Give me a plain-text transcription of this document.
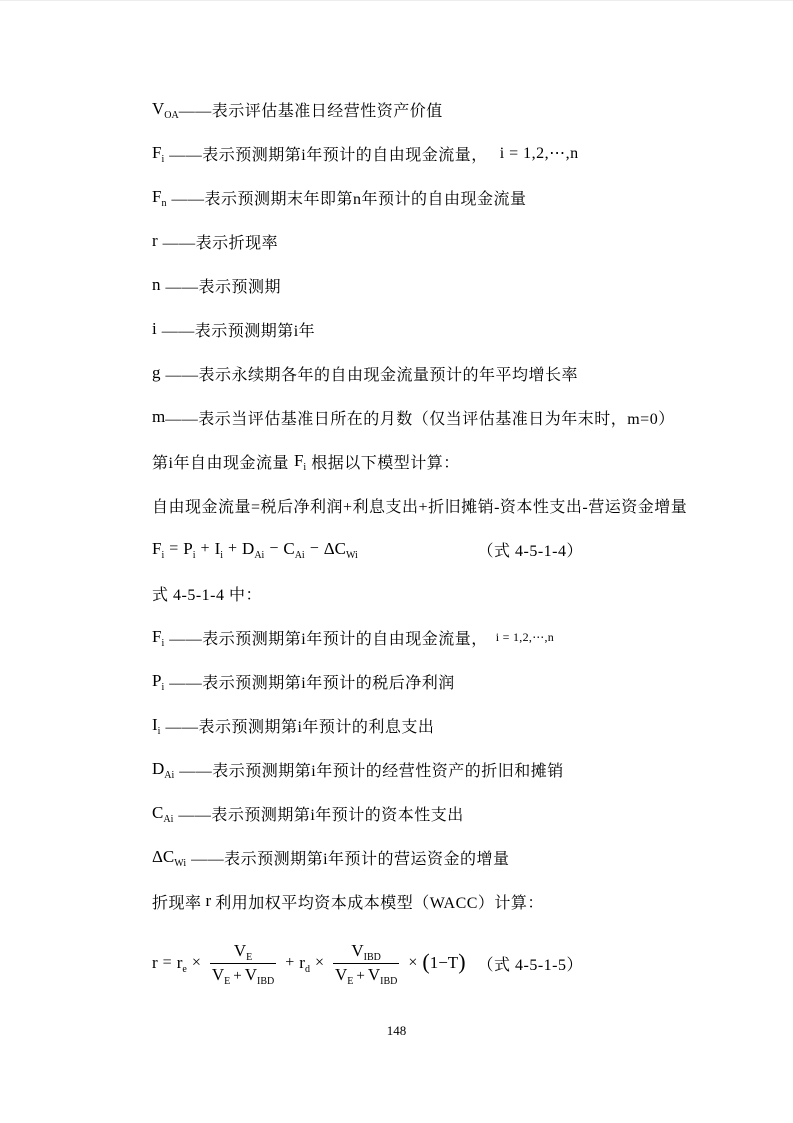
$V_{OA}$ ——表示评估基准日经营性资产价值
$F_i$ ——表示预测期第i年预计的自由现金流量， i = 1,2,⋯,n
$F_n$ ——表示预测期末年即第n年预计的自由现金流量
r ——表示折现率
n ——表示预测期
i ——表示预测期第i年
g ——表示永续期各年的自由现金流量预计的年平均增长率
m ——表示当评估基准日所在的月数（仅当评估基准日为年末时，m=0）
第i年自由现金流量 $F_i$ 根据以下模型计算：
自由现金流量=税后净利润+利息支出+折旧摊销-资本性支出-营运资金增量
$F_i = P_i + I_i + D_{Ai} - C_{Ai} - \Delta C_{Wi}$	（式 4-5-1-4）
式 4-5-1-4 中：
$F_i$ ——表示预测期第i年预计的自由现金流量， i = 1,2,⋯,n
$P_i$ ——表示预测期第i年预计的税后净利润
$I_i$ ——表示预测期第i年预计的利息支出
$D_{Ai}$ ——表示预测期第i年预计的经营性资产的折旧和摊销
$C_{Ai}$ ——表示预测期第i年预计的资本性支出
$\Delta C_{Wi}$ ——表示预测期第i年预计的营运资金的增量
折现率 r 利用加权平均资本成本模型（WACC）计算：
$r = r_e \times \frac{V_E}{V_E + V_{IBD}} + r_d \times \frac{V_{IBD}}{V_E + V_{IBD}}$ × ( 1−T ) （式 4-5-1-5）
148
